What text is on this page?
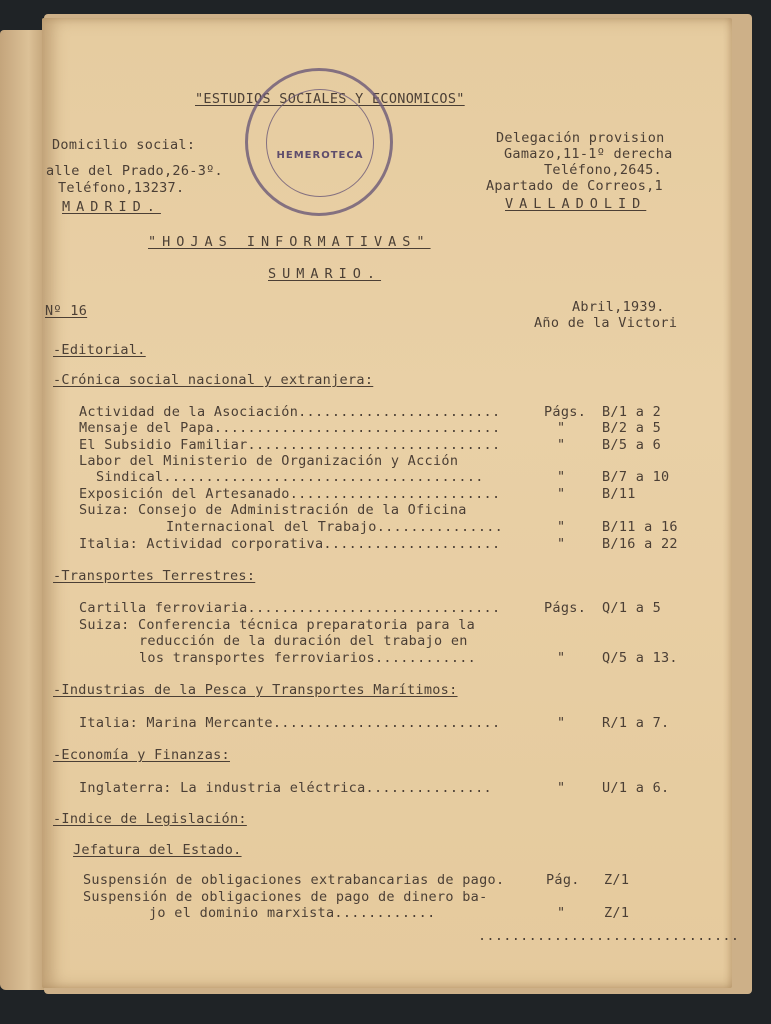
"ESTUDIOS SOCIALES Y ECONOMICOS"
Domicilio social:
alle del Prado,26-3º.
Teléfono,13237.
MADRID.
HEMEROTECA
Delegación provision
Gamazo,11-1º derecha
Teléfono,2645.
Apartado de Correos,1
VALLADOLID
"HOJAS INFORMATIVAS"
SUMARIO.
Nº 16	Abril,1939.
Año de la Victori
-Editorial.
-Crónica social nacional y extranjera:
Actividad de la Asociación........................	Págs. B/1 a 2
Mensaje del Papa..................................	"	B/2 a 5
El Subsidio Familiar..............................	"	B/5 a 6
Labor del Ministerio de Organización y Acción
Sindical......................................	"	B/7 a 10
Exposición del Artesanado.........................	"	B/11
Suiza: Consejo de Administración de la Oficina
Internacional del Trabajo...............	"	B/11 a 16
Italia: Actividad corporativa.....................	"	B/16 a 22
-Transportes Terrestres:
Cartilla ferroviaria..............................	Págs. Q/1 a 5
Suiza: Conferencia técnica preparatoria para la
reducción de la duración del trabajo en
los transportes ferroviarios............	"	Q/5 a 13.
-Industrias de la Pesca y Transportes Marítimos:
Italia: Marina Mercante...........................	"	R/1 a 7.
-Economía y Finanzas:
Inglaterra: La industria eléctrica...............	"	U/1 a 6.
-Indice de Legislación:
Jefatura del Estado.
Suspensión de obligaciones extrabancarias de pago.	Pág. Z/1
Suspensión de obligaciones de pago de dinero ba-
jo el dominio marxista............	"	Z/1
...............................
